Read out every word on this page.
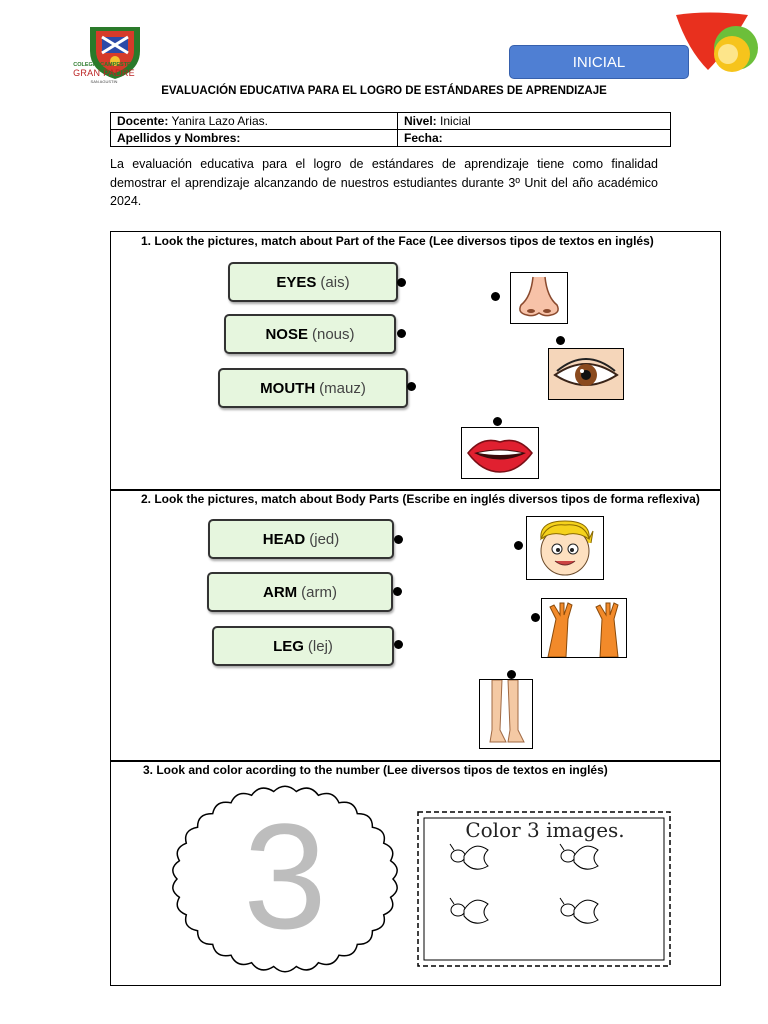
COLEGIO CAMPESTRE
GRAN PADRE
SAN AGUSTIN
INICIAL
EVALUACIÓN EDUCATIVA PARA EL LOGRO DE ESTÁNDARES DE APRENDIZAJE
Docente: Yanira Lazo Arias.	Nivel: Inicial
Apellidos y Nombres:	Fecha:
La evaluación educativa para el logro de estándares de aprendizaje tiene como finalidad demostrar el aprendizaje alcanzando de nuestros estudiantes durante 3º Unit del año académico 2024.
1. Look the pictures, match about Part of the Face (Lee diversos tipos de textos en inglés)
EYES (ais)
NOSE (nous)
MOUTH (mauz)
2. Look the pictures, match about Body Parts (Escribe en inglés diversos tipos de forma reflexiva)
HEAD (jed)
ARM (arm)
LEG (lej)
3. Look and color acording to the number (Lee diversos tipos de textos en inglés)
3	Color 3 images.
